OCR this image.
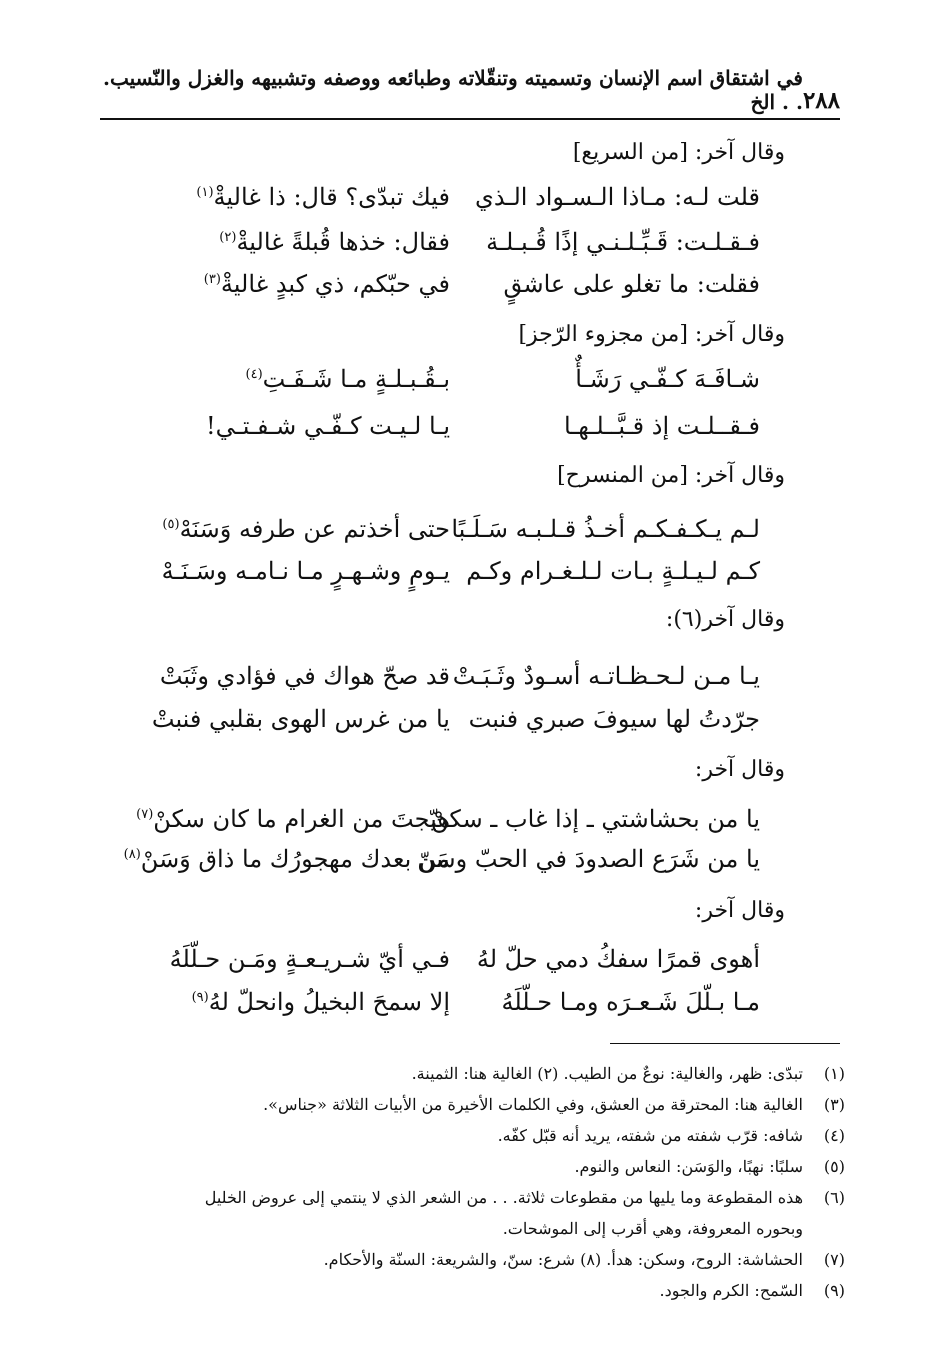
٢٨٨
في اشتقاق اسم الإنسان وتسميته وتنقّلاته وطبائعه ووصفه وتشبيهه والغزل والنّسيب. . . الخ
وقال آخر: [من السريع]
قلت لـه: مـاذا الـسـواد الـذي
فيك تبدّى؟ قال: ذا غاليةْ$^{(١)}$
فـقـلـت: قَـبِّـلـنـي إذًا قُـبـلـة
فقال: خذها قُبلةً غاليةْ$^{(٢)}$
فقلت: ما تغلو على عاشقٍ
في حبّكم، ذي كبدٍ غاليةْ$^{(٣)}$
وقال آخر: [من مجزوء الرّجز]
شـافَـهَ كـفّـي رَشَـأٌ
بـقُـبـلـةٍ مـا شَـفَـتِ$^{(٤)}$
فـقــلـت إذ قـبَّــلـهـا
يـا لـيـت كـفّـي شـفـتـي!
وقال آخر: [من المنسرح]
لـم يـكـفـكـم أخـذُ قـلـبـه سَـلَـبًا
حتى أخذتم عن طرفه وَسَنَهْ$^{(٥)}$
كـم لـيـلـةٍ بـات لـلـغـرام وكـم
يـومٍ وشـهـرٍ مـا نـامـه وسَـنَـهْ
وقال آخر(٦):
يـا مـن لـحـظـاتـه أسـودٌ وثَـبَـتْ
قد صحّ هواك في فؤادي وثَبَتْ
جرّدتُ لها سيوفَ صبري فنبت
يا من غرس الهوى بقلبي فنبتْ
وقال آخر:
يا من بحشاشتي ـ إذا غاب ـ سكنْ
هيّجتَ من الغرام ما كان سكنْ$^{(٧)}$
يا من شَرَع الصدودَ في الحبّ وسَنّ
من بعدك مهجورُك ما ذاق وَسَنْ$^{(٨)}$
وقال آخر:
أهوى قمرًا سفكُ دمي حلّ لهُ
فـي أيّ شـريـعـةٍ ومَـن حـلّلَهُ
مـا بـلّلَ شَـعـرَه ومـا حـلّلَهُ
إلا سمحَ البخيلُ وانحلّ لهُ$^{(٩)}$
(١)تبدّى: ظهر، والغالية: نوعٌ من الطيب. (٢) الغالية هنا: الثمينة.
(٣)الغالية هنا: المحترقة من العشق، وفي الكلمات الأخيرة من الأبيات الثلاثة «جناس».
(٤)شافه: قرّب شفته من شفته، يريد أنه قبّل كفّه.
(٥)سلبًا: نهبًا، والوَسَن: النعاس والنوم.
(٦)هذه المقطوعة وما يليها من مقطوعات ثلاثة. . . من الشعر الذي لا ينتمي إلى عروض الخليل
وبحوره المعروفة، وهي أقرب إلى الموشحات.
(٧)الحشاشة: الروح، وسكن: هدأ. (٨) شرع: سنّ، والشريعة: السنّة والأحكام.
(٩)السّمح: الكرم والجود.
